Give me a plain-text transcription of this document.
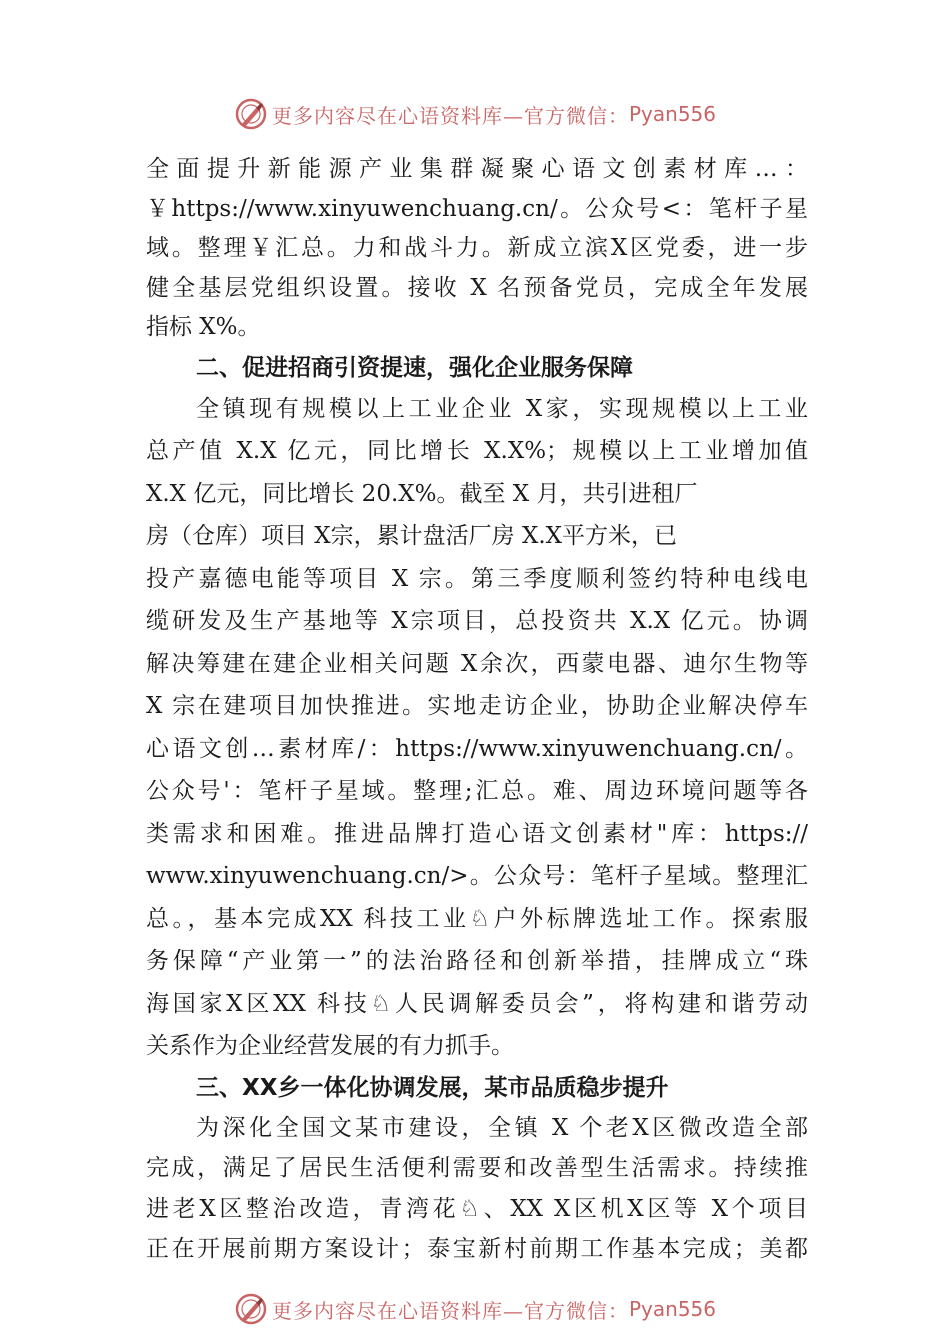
更多内容尽在心语资料库—官方微信： Pyan556
全面提升新能源产业集群凝聚心语文创素材库…：
￥https://www.xinyuwenchuang.cn/。公众号<：笔杆子星
域。整理￥汇总。力和战斗力。新成立滨X区党委，进一步
健全基层党组织设置。接收 X 名预备党员，完成全年发展
指标 X%。
二、促进招商引资提速，强化企业服务保障
全镇现有规模以上工业企业 X家，实现规模以上工业
总产值 X.X 亿元，同比增长 X.X%；规模以上工业增加值
X.X 亿元，同比增长 20.X%。截至 X 月，共引进租厂
房（仓库）项目 X宗，累计盘活厂房 X.X平方米，已
投产嘉德电能等项目 X 宗。第三季度顺利签约特种电线电
缆研发及生产基地等 X宗项目，总投资共 X.X 亿元。协调
解决筹建在建企业相关问题 X余次，西蒙电器、迪尔生物等
X 宗在建项目加快推进。实地走访企业，协助企业解决停车
心语文创…素材库/：https://www.xinyuwenchuang.cn/。
公众号'：笔杆子星域。整理;汇总。难、周边环境问题等各
类需求和困难。推进品牌打造心语文创素材"库：https://
www.xinyuwenchuang.cn/>。公众号：笔杆子星域。整理汇
总。，基本完成XX 科技工业♘户外标牌选址工作。探索服
务保障“产业第一”的法治路径和创新举措，挂牌成立“珠
海国家X区XX 科技♘人民调解委员会”，将构建和谐劳动
关系作为企业经营发展的有力抓手。
三、XX乡一体化协调发展，某市品质稳步提升
为深化全国文某市建设，全镇 X 个老X区微改造全部
完成，满足了居民生活便利需要和改善型生活需求。持续推
进老X区整治改造，青湾花♘、XX X区机X区等 X个项目
正在开展前期方案设计；泰宝新村前期工作基本完成；美都
更多内容尽在心语资料库—官方微信： Pyan556
